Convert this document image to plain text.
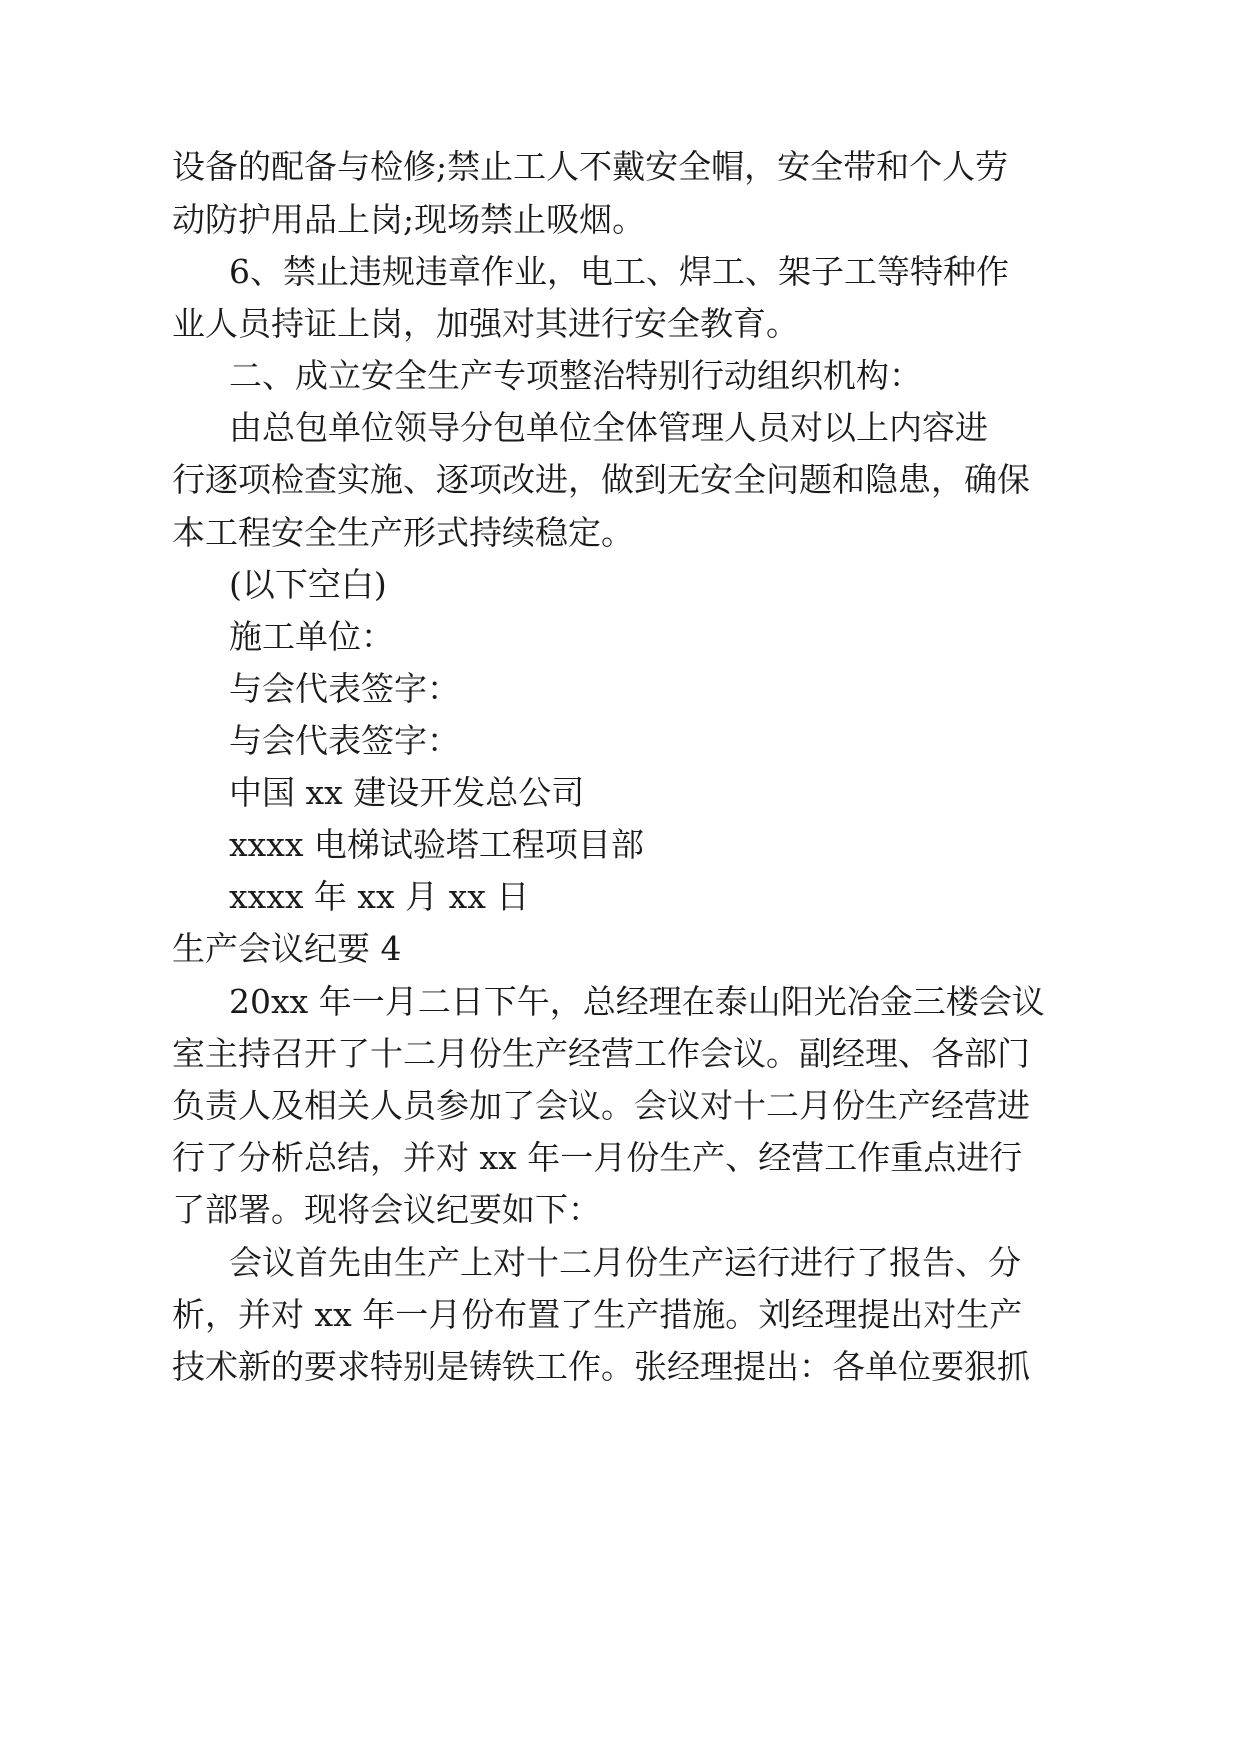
设备的配备与检修;禁止工人不戴安全帽，安全带和个人劳
动防护用品上岗;现场禁止吸烟。
6、禁止违规违章作业，电工、焊工、架子工等特种作
业人员持证上岗，加强对其进行安全教育。
二、成立安全生产专项整治特别行动组织机构：
由总包单位领导分包单位全体管理人员对以上内容进
行逐项检查实施、逐项改进，做到无安全问题和隐患，确保
本工程安全生产形式持续稳定。
(以下空白)
施工单位：
与会代表签字：
与会代表签字：
中国 xx 建设开发总公司
xxxx 电梯试验塔工程项目部
xxxx 年 xx 月 xx 日
生产会议纪要 4
20xx 年一月二日下午，总经理在泰山阳光冶金三楼会议
室主持召开了十二月份生产经营工作会议。副经理、各部门
负责人及相关人员参加了会议。会议对十二月份生产经营进
行了分析总结，并对 xx 年一月份生产、经营工作重点进行
了部署。现将会议纪要如下：
会议首先由生产上对十二月份生产运行进行了报告、分
析，并对 xx 年一月份布置了生产措施。刘经理提出对生产
技术新的要求特别是铸铁工作。张经理提出：各单位要狠抓
